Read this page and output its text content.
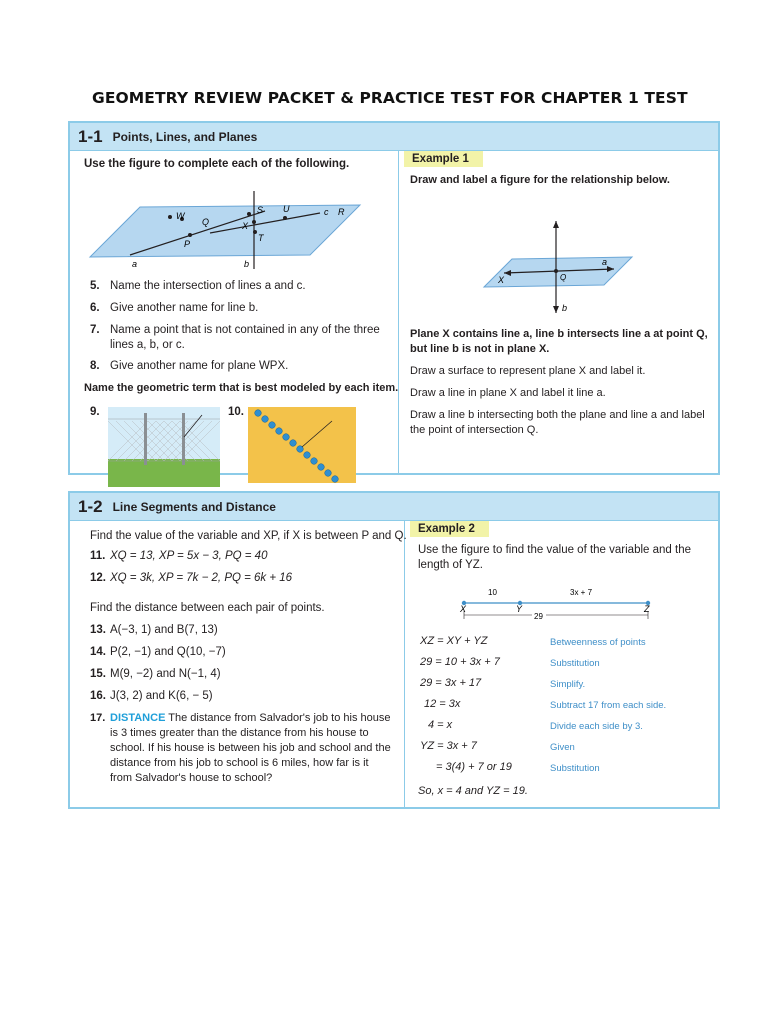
GEOMETRY REVIEW PACKET & PRACTICE TEST FOR CHAPTER 1 TEST
1-1 Points, Lines, and Planes
Use the figure to complete each of the following.
W
Q
S U	c R
P
X
T
a	b
5. Name the intersection of lines a and c.
6. Give another name for line b.
7. Name a point that is not contained in any of the three lines a, b, or c.
8. Give another name for plane WPX.
Name the geometric term that is best modeled by each item.
9.	10.
Example 1
Draw and label a figure for the relationship below.
X	Q
a
b
Plane X contains line a, line b intersects line a at point Q, but line b is not in plane X.
Draw a surface to represent plane X and label it.
Draw a line in plane X and label it line a.
Draw a line b intersecting both the plane and line a and label the point of intersection Q.
1-2 Line Segments and Distance
Find the value of the variable and XP, if X is between P and Q.
11. XQ = 13, XP = 5x − 3, PQ = 40
12. XQ = 3k, XP = 7k − 2, PQ = 6k + 16
Find the distance between each pair of points.
13. A(−3, 1) and B(7, 13)
14. P(2, −1) and Q(10, −7)
15. M(9, −2) and N(−1, 4)
16. J(3, 2) and K(6, − 5)
17. DISTANCE The distance from Salvador's job to his house is 3 times greater than the distance from his house to school. If his house is between his job and school and the distance from his job to school is 6 miles, how far is it from Salvador's house to school?
Example 2
Use the figure to find the value of the variable and the length of YZ.
10	3x + 7
X	Y	Z
29
XZ = XY + YZ	Betweenness of points
29 = 10 + 3x + 7	Substitution
29 = 3x + 17	Simplify.
12 = 3x	Subtract 17 from each side.
4 = x	Divide each side by 3.
YZ = 3x + 7	Given
= 3(4) + 7 or 19	Substitution
So, x = 4 and YZ = 19.
